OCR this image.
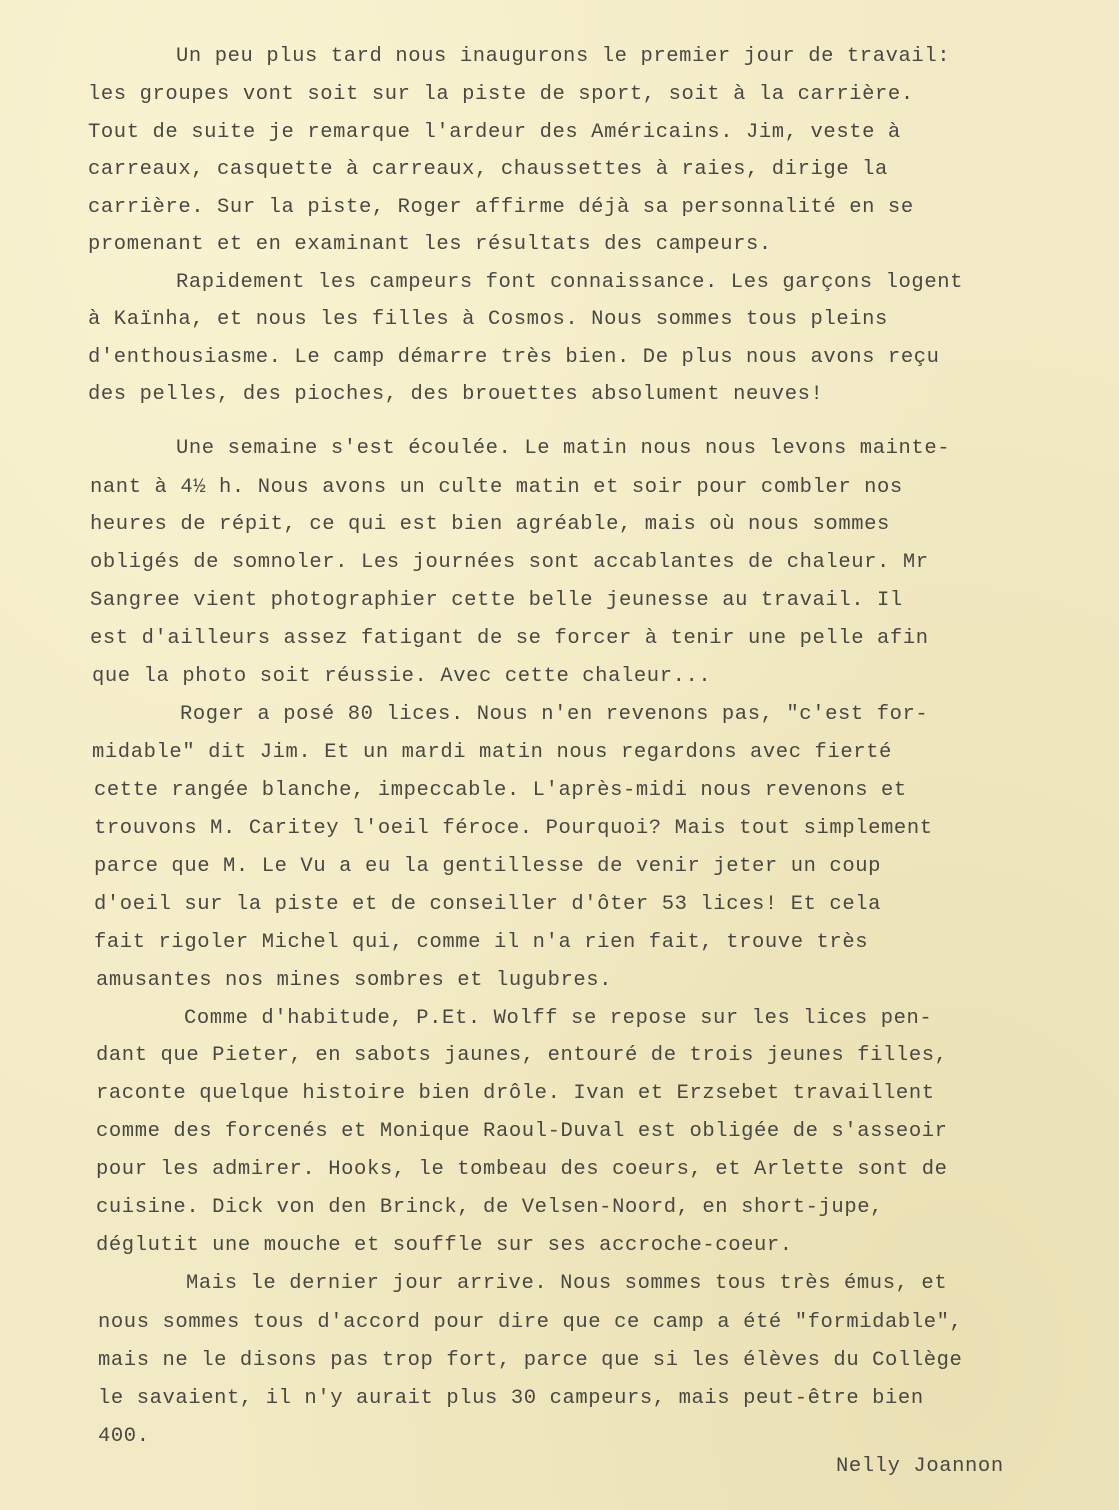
Un peu plus tard nous inaugurons le premier jour de travail:

les groupes vont soit sur la piste de sport, soit à la carrière.

Tout de suite je remarque l'ardeur des Américains. Jim, veste à

carreaux, casquette à carreaux, chaussettes à raies, dirige la

carrière. Sur la piste, Roger affirme déjà sa personnalité en se

promenant et en examinant les résultats des campeurs.

Rapidement les campeurs font connaissance. Les garçons logent

à Kaïnha, et nous les filles à Cosmos. Nous sommes tous pleins

d'enthousiasme. Le camp démarre très bien. De plus nous avons reçu

des pelles, des pioches, des brouettes absolument neuves!

Une semaine s'est écoulée. Le matin nous nous levons mainte-

nant à 4½ h. Nous avons un culte matin et soir pour combler nos

heures de répit, ce qui est bien agréable, mais où nous sommes

obligés de somnoler. Les journées sont accablantes de chaleur. Mr

Sangree vient photographier cette belle jeunesse au travail. Il

est d'ailleurs assez fatigant de se forcer à tenir une pelle afin

que la photo soit réussie. Avec cette chaleur...

Roger a posé 80 lices. Nous n'en revenons pas, "c'est for-

midable" dit Jim. Et un mardi matin nous regardons avec fierté

cette rangée blanche, impeccable. L'après-midi nous revenons et

trouvons M. Caritey l'oeil féroce. Pourquoi? Mais tout simplement

parce que M. Le Vu a eu la gentillesse de venir jeter un coup

d'oeil sur la piste et de conseiller d'ôter 53 lices! Et cela

fait rigoler Michel qui, comme il n'a rien fait, trouve très

amusantes nos mines sombres et lugubres.

Comme d'habitude, P.Et. Wolff se repose sur les lices pen-

dant que Pieter, en sabots jaunes, entouré de trois jeunes filles,

raconte quelque histoire bien drôle. Ivan et Erzsebet travaillent

comme des forcenés et Monique Raoul-Duval est obligée de s'asseoir

pour les admirer. Hooks, le tombeau des coeurs, et Arlette sont de

cuisine. Dick von den Brinck, de Velsen-Noord, en short-jupe,

déglutit une mouche et souffle sur ses accroche-coeur.

Mais le dernier jour arrive. Nous sommes tous très émus, et

nous sommes tous d'accord pour dire que ce camp a été "formidable",

mais ne le disons pas trop fort, parce que si les élèves du Collège

le savaient, il n'y aurait plus 30 campeurs, mais peut-être bien

400.

Nelly Joannon
